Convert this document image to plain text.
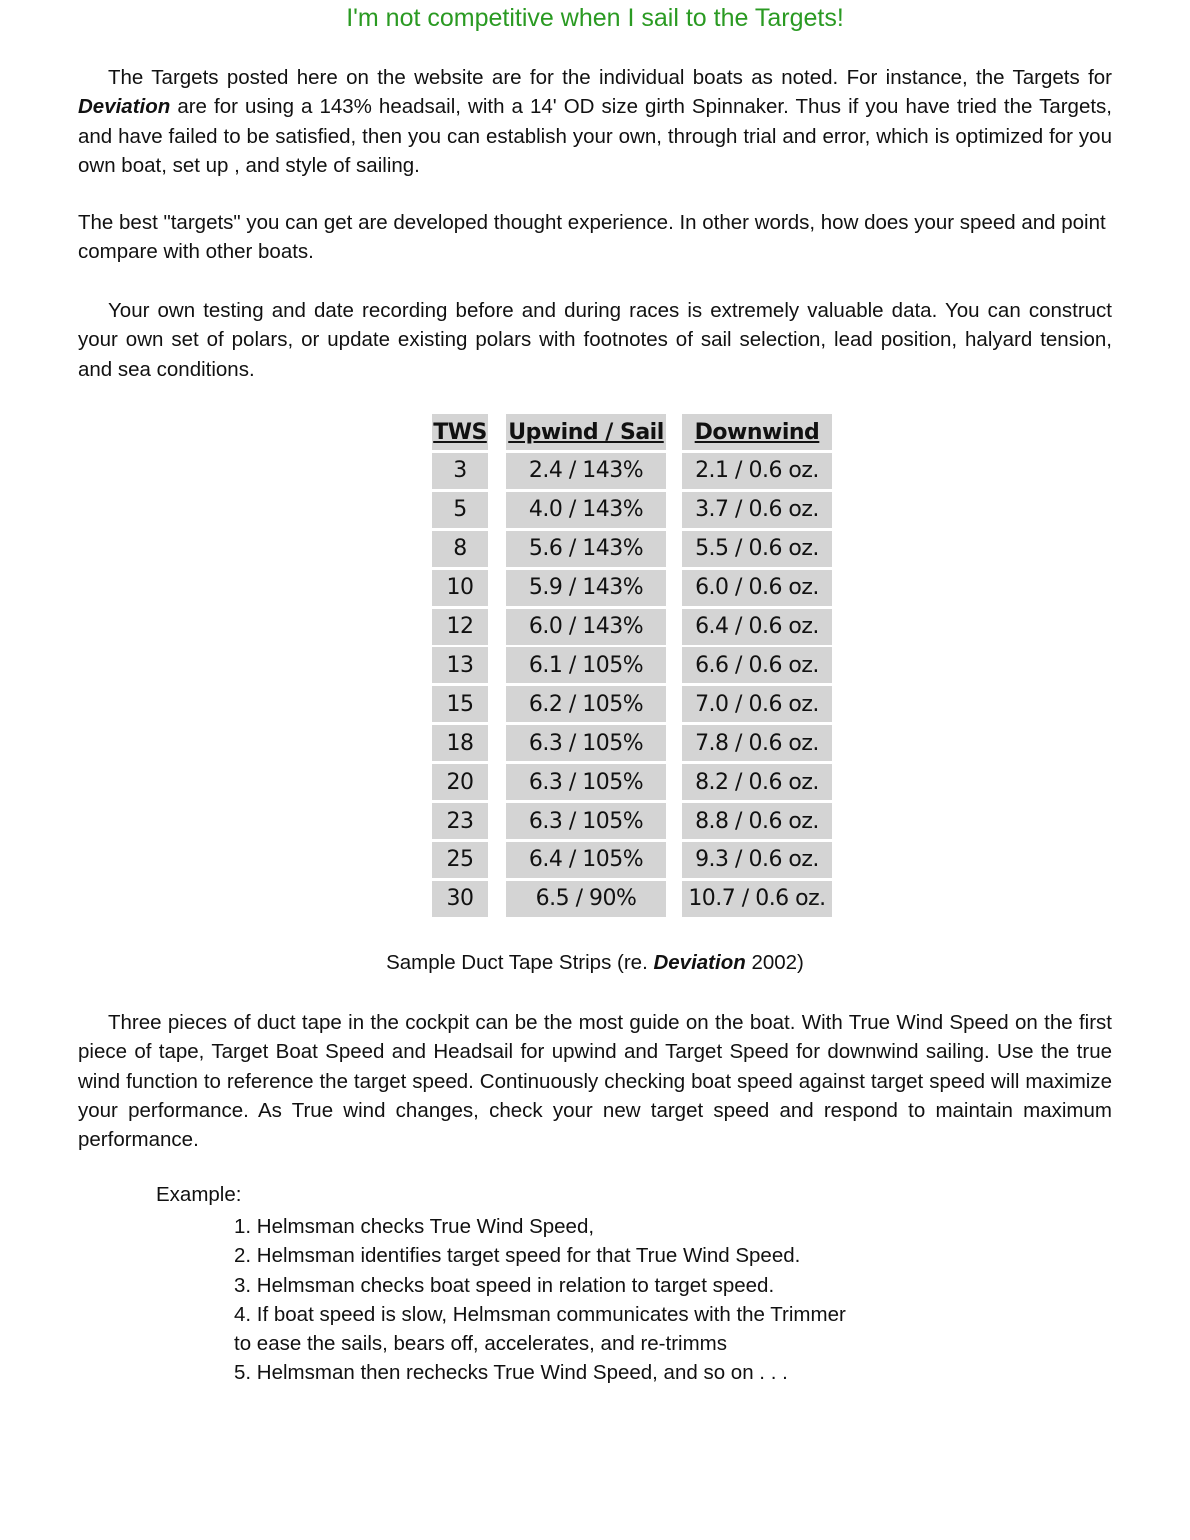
I'm not competitive when I sail to the Targets!

The Targets posted here on the website are for the individual boats as noted. For instance, the Targets for Deviation are for using a 143% headsail, with a 14' OD size girth Spinnaker. Thus if you have tried the Targets, and have failed to be satisfied, then you can establish your own, through trial and error, which is optimized for you own boat, set up , and style of sailing.

The best "targets" you can get are developed thought experience. In other words, how does your speed and point compare with other boats.

Your own testing and date recording before and during races is extremely valuable data. You can construct your own set of polars, or update existing polars with footnotes of sail selection, lead position, halyard tension, and sea conditions.

TWS
3
5
8
10
12
13
15
18
20
23
25
30
Upwind / Sail
2.4 / 143%
4.0 / 143%
5.6 / 143%
5.9 / 143%
6.0 / 143%
6.1 / 105%
6.2 / 105%
6.3 / 105%
6.3 / 105%
6.3 / 105%
6.4 / 105%
6.5 / 90%
Downwind
2.1 / 0.6 oz.
3.7 / 0.6 oz.
5.5 / 0.6 oz.
6.0 / 0.6 oz.
6.4 / 0.6 oz.
6.6 / 0.6 oz.
7.0 / 0.6 oz.
7.8 / 0.6 oz.
8.2 / 0.6 oz.
8.8 / 0.6 oz.
9.3 / 0.6 oz.
10.7 / 0.6 oz.
Sample Duct Tape Strips (re. Deviation 2002)

Three pieces of duct tape in the cockpit can be the most guide on the boat. With True Wind Speed on the first piece of tape, Target Boat Speed and Headsail for upwind and Target Speed for downwind sailing. Use the true wind function to reference the target speed. Continuously checking boat speed against target speed will maximize your performance. As True wind changes, check your new target speed and respond to maintain maximum performance.

Example:
1. Helmsman checks True Wind Speed,
2. Helmsman identifies target speed for that True Wind Speed.
3. Helmsman checks boat speed in relation to target speed.
4. If boat speed is slow, Helmsman communicates with the Trimmer
to ease the sails, bears off, accelerates, and re-trimms
5. Helmsman then rechecks True Wind Speed, and so on . . .
